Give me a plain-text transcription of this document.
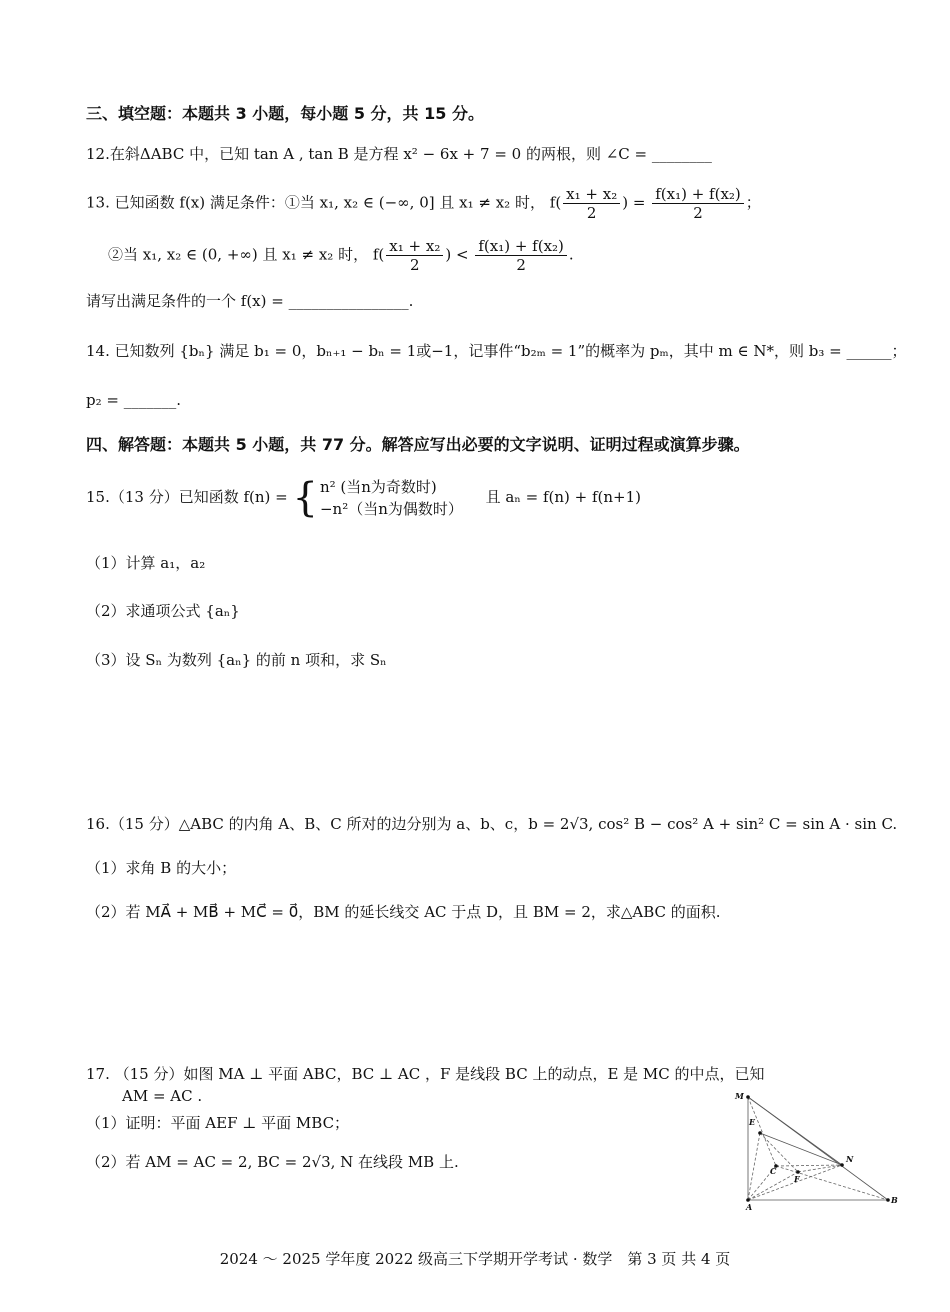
三、填空题：本题共 3 小题，每小题 5 分，共 15 分。
12.在斜ΔABC 中，已知 tan A , tan B 是方程 x² − 6x + 7 = 0 的两根，则 ∠C = ________
13. 已知函数 f(x) 满足条件：①当 x₁, x₂ ∈ (−∞, 0] 且 x₁ ≠ x₂ 时， $f( \frac{\text{x₁ + x₂}}{2}$ ) = $\frac{\text{f(x₁) + f(x₂)}}{2}$ ；
②当 x₁, x₂ ∈ (0, +∞) 且 x₁ ≠ x₂ 时， $f( \frac{\text{x₁ + x₂}}{2}$ ) < $\frac{\text{f(x₁) + f(x₂)}}{2}$ .
请写出满足条件的一个 f(x) = ________________.
14. 已知数列 {bₙ} 满足 b₁ = 0，bₙ₊₁ − bₙ = 1或−1，记事件“b₂ₘ = 1”的概率为 pₘ，其中 m ∈ N*，则 b₃ = ______；
p₂ = _______.
四、解答题：本题共 5 小题，共 77 分。解答应写出必要的文字说明、证明过程或演算步骤。
15.（13 分）已知函数 f(n) = { n² (当n为奇数时)
−n²（当n为偶数时）
且 aₙ = f(n) + f(n+1)
（1）计算 a₁，a₂
（2）求通项公式 {aₙ}
（3）设 Sₙ 为数列 {aₙ} 的前 n 项和，求 Sₙ
16.（15 分）△ABC 的内角 A、B、C 所对的边分别为 a、b、c，b = 2√3, cos² B − cos² A + sin² C = sin A · sin C.
（1）求角 B 的大小；
（2）若 MA⃗ + MB⃗ + MC⃗ = 0⃗，BM 的延长线交 AC 于点 D，且 BM = 2，求△ABC 的面积.
17. （15 分）如图 MA ⊥ 平面 ABC，BC ⊥ AC ，F 是线段 BC 上的动点，E 是 MC 的中点，已知
AM = AC .
（1）证明：平面 AEF ⊥ 平面 MBC；
（2）若 AM = AC = 2, BC = 2√3, N 在线段 MB 上.
M
E
N
C
F
A
B
2024 ～ 2025 学年度 2022 级高三下学期开学考试 · 数学　第 3 页 共 4 页
